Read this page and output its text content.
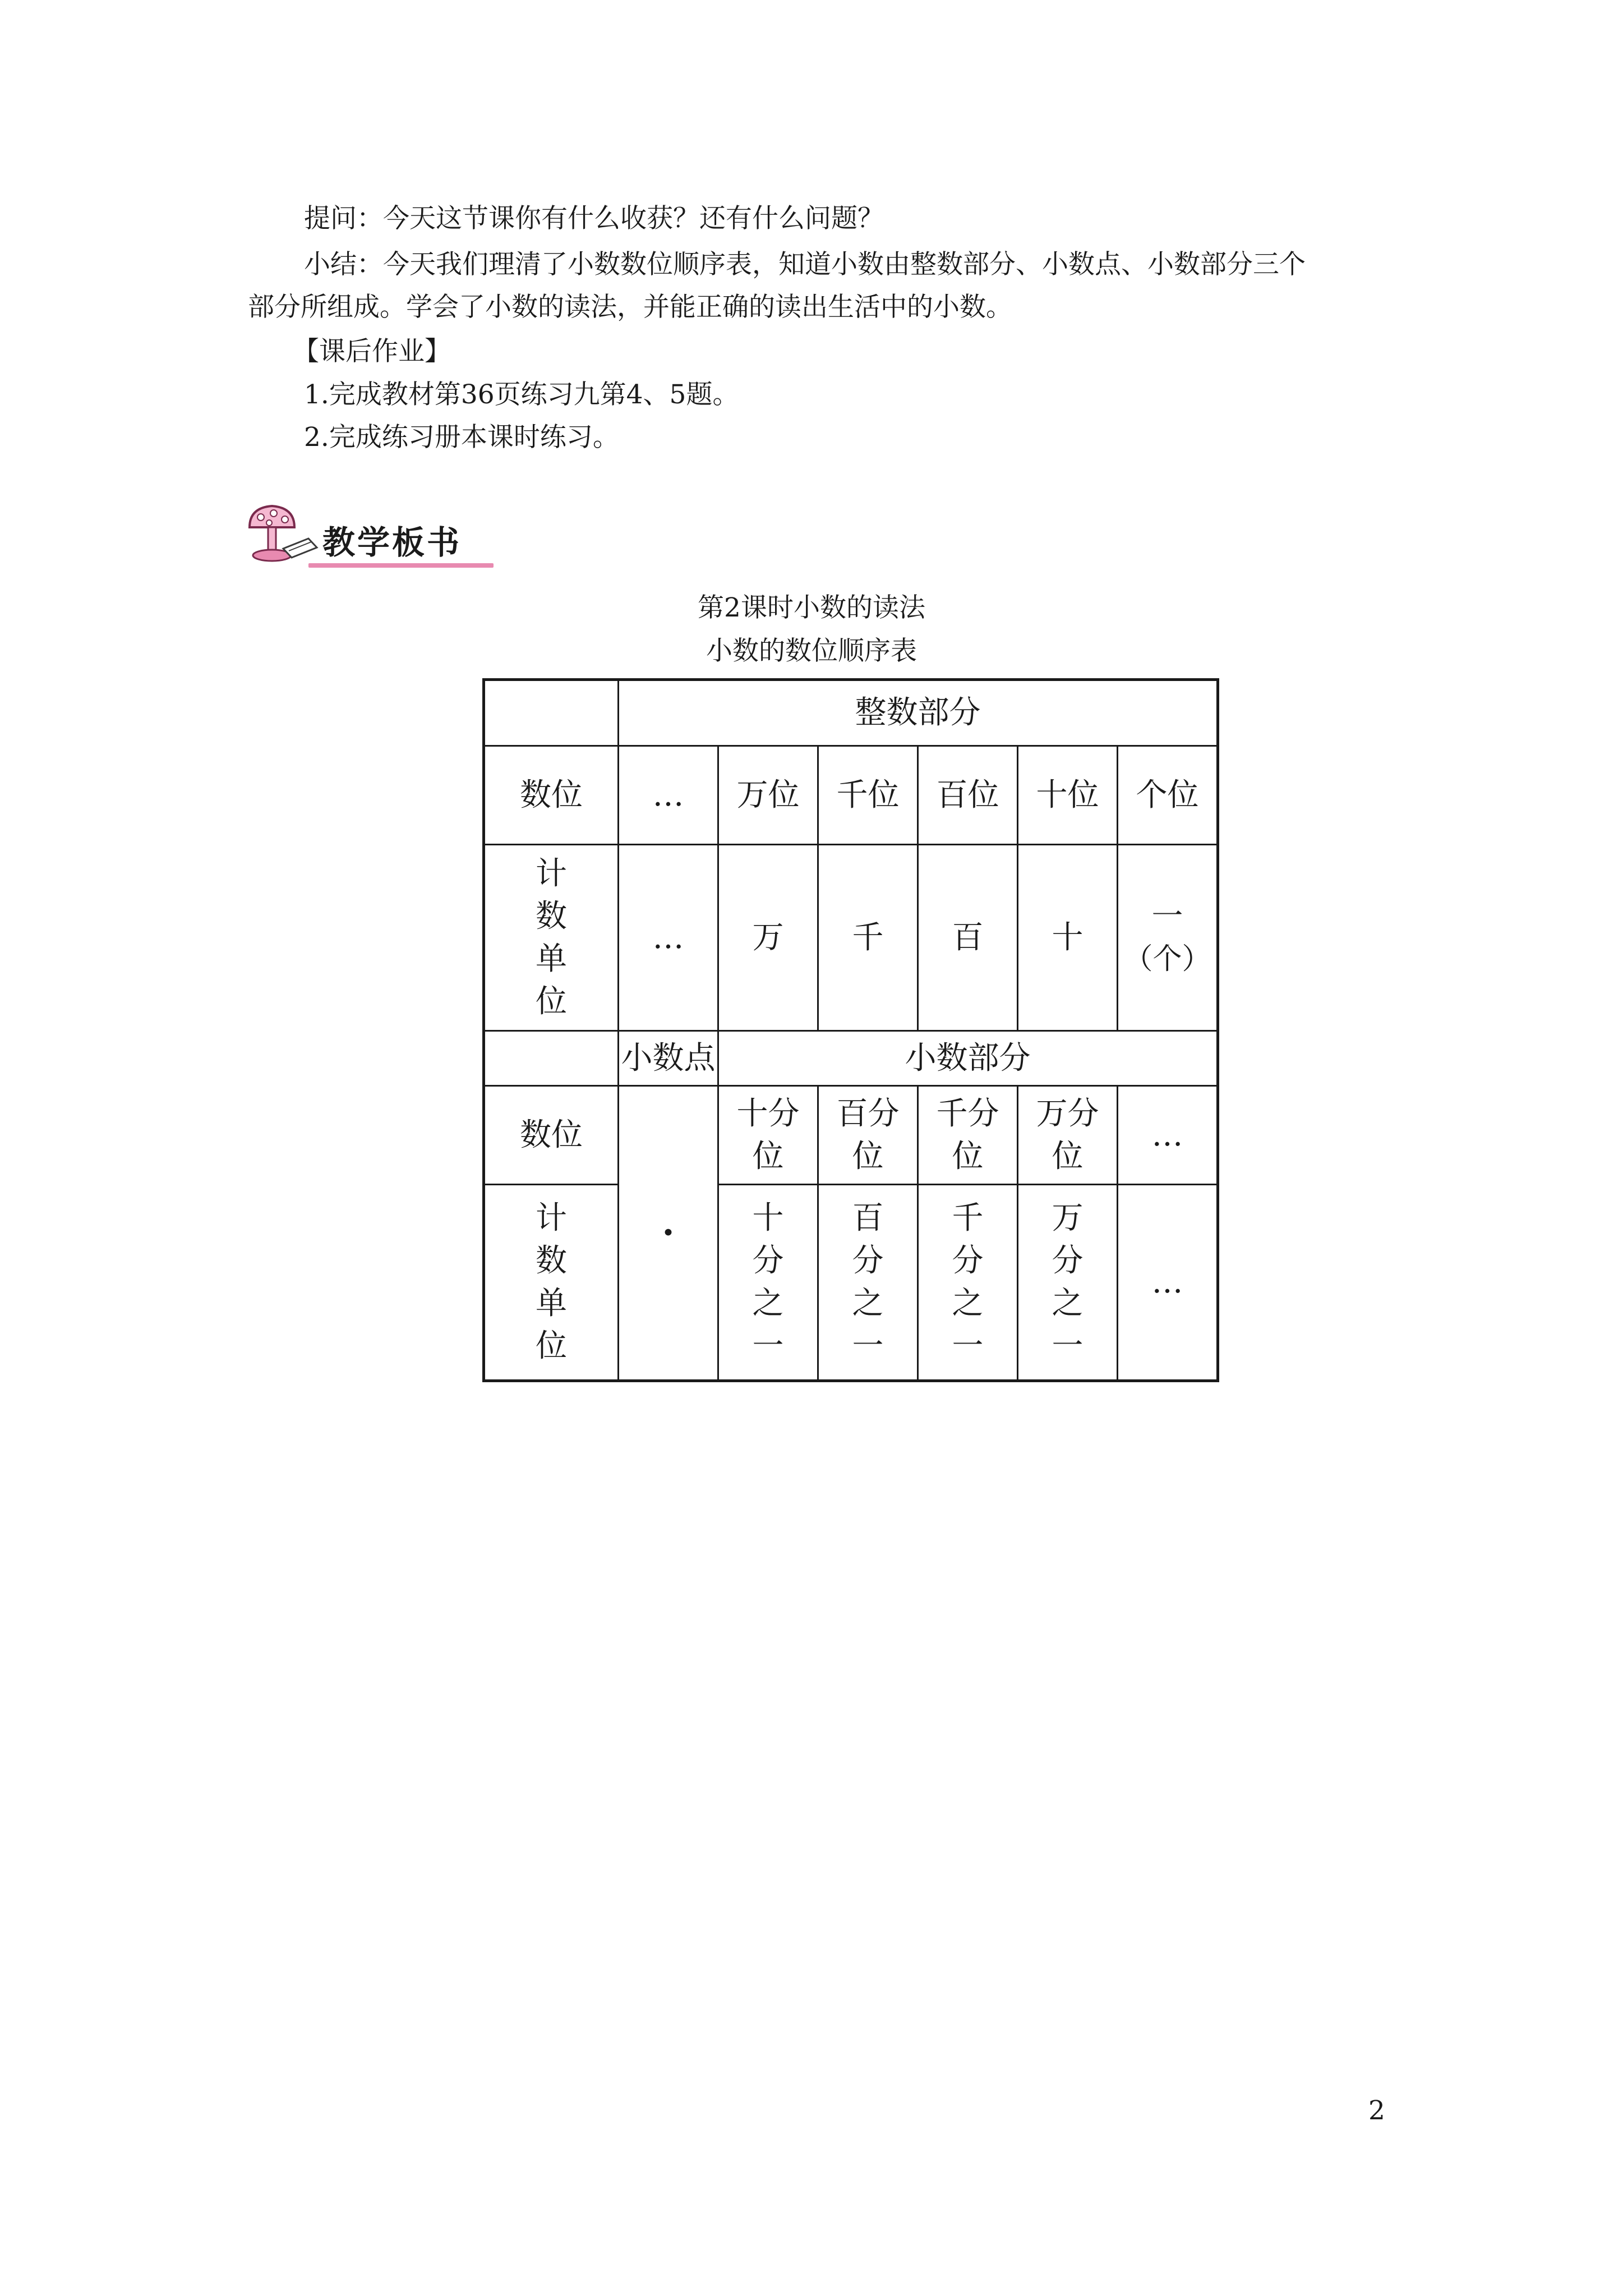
提问：今天这节课你有什么收获？还有什么问题？

小结：今天我们理清了小数数位顺序表，知道小数由整数部分、小数点、小数部分三个

部分所组成。学会了小数的读法，并能正确的读出生活中的小数。

【课后作业】

1.完成教材第36页练习九第4、5题。

2.完成练习册本课时练习。

教学板书
第2课时小数的读法
小数的数位顺序表
	整数部分					
数位	…	万位	千位	百位	十位	个位
计数单位	…	万	千	百	十	一
（个）

	小数点	小数部分				
数位	·	十分位	百分位	千分位	万分位	…
计数单位		十分之一	百分之一	千分之一	万分之一	…
2
